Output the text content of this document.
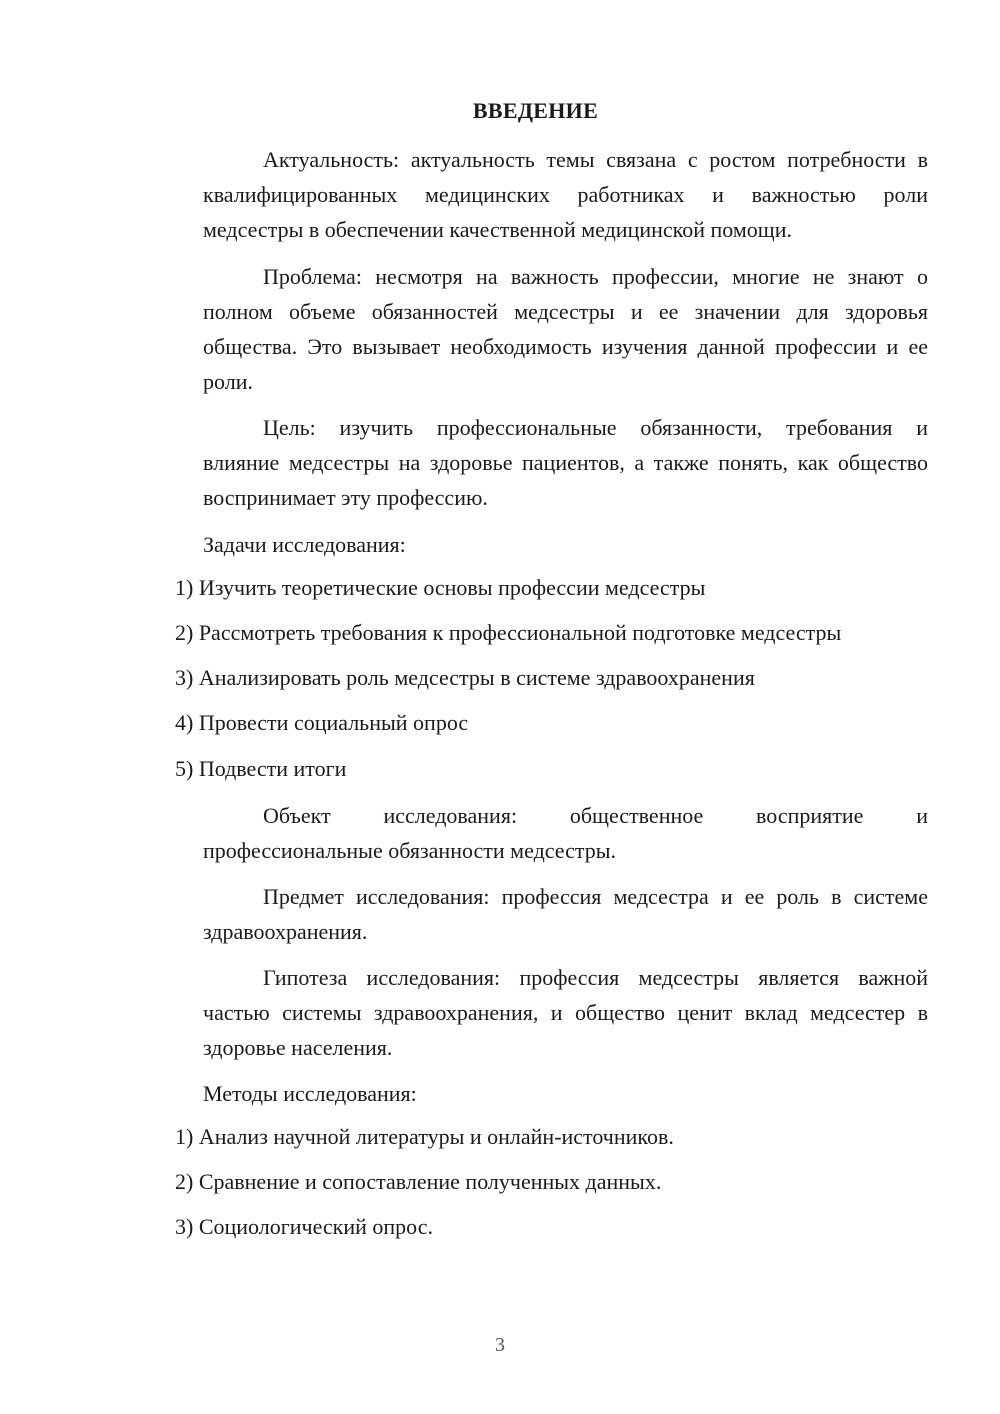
ВВЕДЕНИЕ
Актуальность: актуальность темы связана с ростом потребности в
квалифицированных медицинских работниках и важностью роли
медсестры в обеспечении качественной медицинской помощи.
Проблема: несмотря на важность профессии, многие не знают о
полном объеме обязанностей медсестры и ее значении для здоровья
общества. Это вызывает необходимость изучения данной профессии и ее
роли.
Цель: изучить профессиональные обязанности, требования и
влияние медсестры на здоровье пациентов, а также понять, как общество
воспринимает эту профессию.
Задачи исследования:
1) Изучить теоретические основы профессии медсестры
2) Рассмотреть требования к профессиональной подготовке медсестры
3) Анализировать роль медсестры в системе здравоохранения
4) Провести социальный опрос
5) Подвести итоги
Объект исследования: общественное восприятие и
профессиональные обязанности медсестры.
Предмет исследования: профессия медсестра и ее роль в системе
здравоохранения.
Гипотеза исследования: профессия медсестры является важной
частью системы здравоохранения, и общество ценит вклад медсестер в
здоровье населения.
Методы исследования:
1) Анализ научной литературы и онлайн-источников.
2) Сравнение и сопоставление полученных данных.
3) Социологический опрос.
3
